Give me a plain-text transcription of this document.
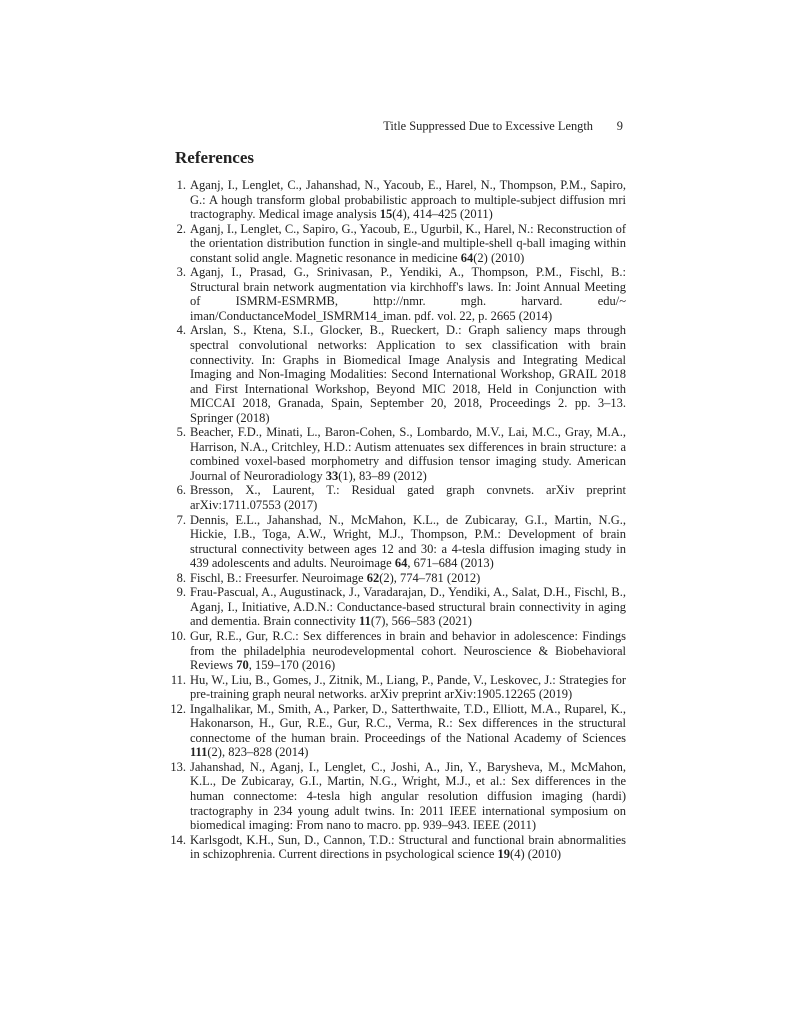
Title Suppressed Due to Excessive Length 9
References
1. Aganj, I., Lenglet, C., Jahanshad, N., Yacoub, E., Harel, N., Thompson, P.M., Sapiro, G.: A hough transform global probabilistic approach to multiple-subject diffusion mri tractography. Medical image analysis 15(4), 414–425 (2011)
2. Aganj, I., Lenglet, C., Sapiro, G., Yacoub, E., Ugurbil, K., Harel, N.: Reconstruction of the orientation distribution function in single-and multiple-shell q-ball imaging within constant solid angle. Magnetic resonance in medicine 64(2) (2010)
3. Aganj, I., Prasad, G., Srinivasan, P., Yendiki, A., Thompson, P.M., Fischl, B.: Structural brain network augmentation via kirchhoff's laws. In: Joint Annual Meeting of ISMRM-ESMRMB, http://nmr. mgh. harvard. edu/~ iman/ConductanceModel_ISMRM14_iman. pdf. vol. 22, p. 2665 (2014)
4. Arslan, S., Ktena, S.I., Glocker, B., Rueckert, D.: Graph saliency maps through spectral convolutional networks: Application to sex classification with brain connectivity. In: Graphs in Biomedical Image Analysis and Integrating Medical Imaging and Non-Imaging Modalities: Second International Workshop, GRAIL 2018 and First International Workshop, Beyond MIC 2018, Held in Conjunction with MICCAI 2018, Granada, Spain, September 20, 2018, Proceedings 2. pp. 3–13. Springer (2018)
5. Beacher, F.D., Minati, L., Baron-Cohen, S., Lombardo, M.V., Lai, M.C., Gray, M.A., Harrison, N.A., Critchley, H.D.: Autism attenuates sex differences in brain structure: a combined voxel-based morphometry and diffusion tensor imaging study. American Journal of Neuroradiology 33(1), 83–89 (2012)
6. Bresson, X., Laurent, T.: Residual gated graph convnets. arXiv preprint arXiv:1711.07553 (2017)
7. Dennis, E.L., Jahanshad, N., McMahon, K.L., de Zubicaray, G.I., Martin, N.G., Hickie, I.B., Toga, A.W., Wright, M.J., Thompson, P.M.: Development of brain structural connectivity between ages 12 and 30: a 4-tesla diffusion imaging study in 439 adolescents and adults. Neuroimage 64, 671–684 (2013)
8. Fischl, B.: Freesurfer. Neuroimage 62(2), 774–781 (2012)
9. Frau-Pascual, A., Augustinack, J., Varadarajan, D., Yendiki, A., Salat, D.H., Fischl, B., Aganj, I., Initiative, A.D.N.: Conductance-based structural brain connectivity in aging and dementia. Brain connectivity 11(7), 566–583 (2021)
10. Gur, R.E., Gur, R.C.: Sex differences in brain and behavior in adolescence: Findings from the philadelphia neurodevelopmental cohort. Neuroscience & Biobehavioral Reviews 70, 159–170 (2016)
11. Hu, W., Liu, B., Gomes, J., Zitnik, M., Liang, P., Pande, V., Leskovec, J.: Strategies for pre-training graph neural networks. arXiv preprint arXiv:1905.12265 (2019)
12. Ingalhalikar, M., Smith, A., Parker, D., Satterthwaite, T.D., Elliott, M.A., Ruparel, K., Hakonarson, H., Gur, R.E., Gur, R.C., Verma, R.: Sex differences in the structural connectome of the human brain. Proceedings of the National Academy of Sciences 111(2), 823–828 (2014)
13. Jahanshad, N., Aganj, I., Lenglet, C., Joshi, A., Jin, Y., Barysheva, M., McMahon, K.L., De Zubicaray, G.I., Martin, N.G., Wright, M.J., et al.: Sex differences in the human connectome: 4-tesla high angular resolution diffusion imaging (hardi) tractography in 234 young adult twins. In: 2011 IEEE international symposium on biomedical imaging: From nano to macro. pp. 939–943. IEEE (2011)
14. Karlsgodt, K.H., Sun, D., Cannon, T.D.: Structural and functional brain abnormalities in schizophrenia. Current directions in psychological science 19(4) (2010)
